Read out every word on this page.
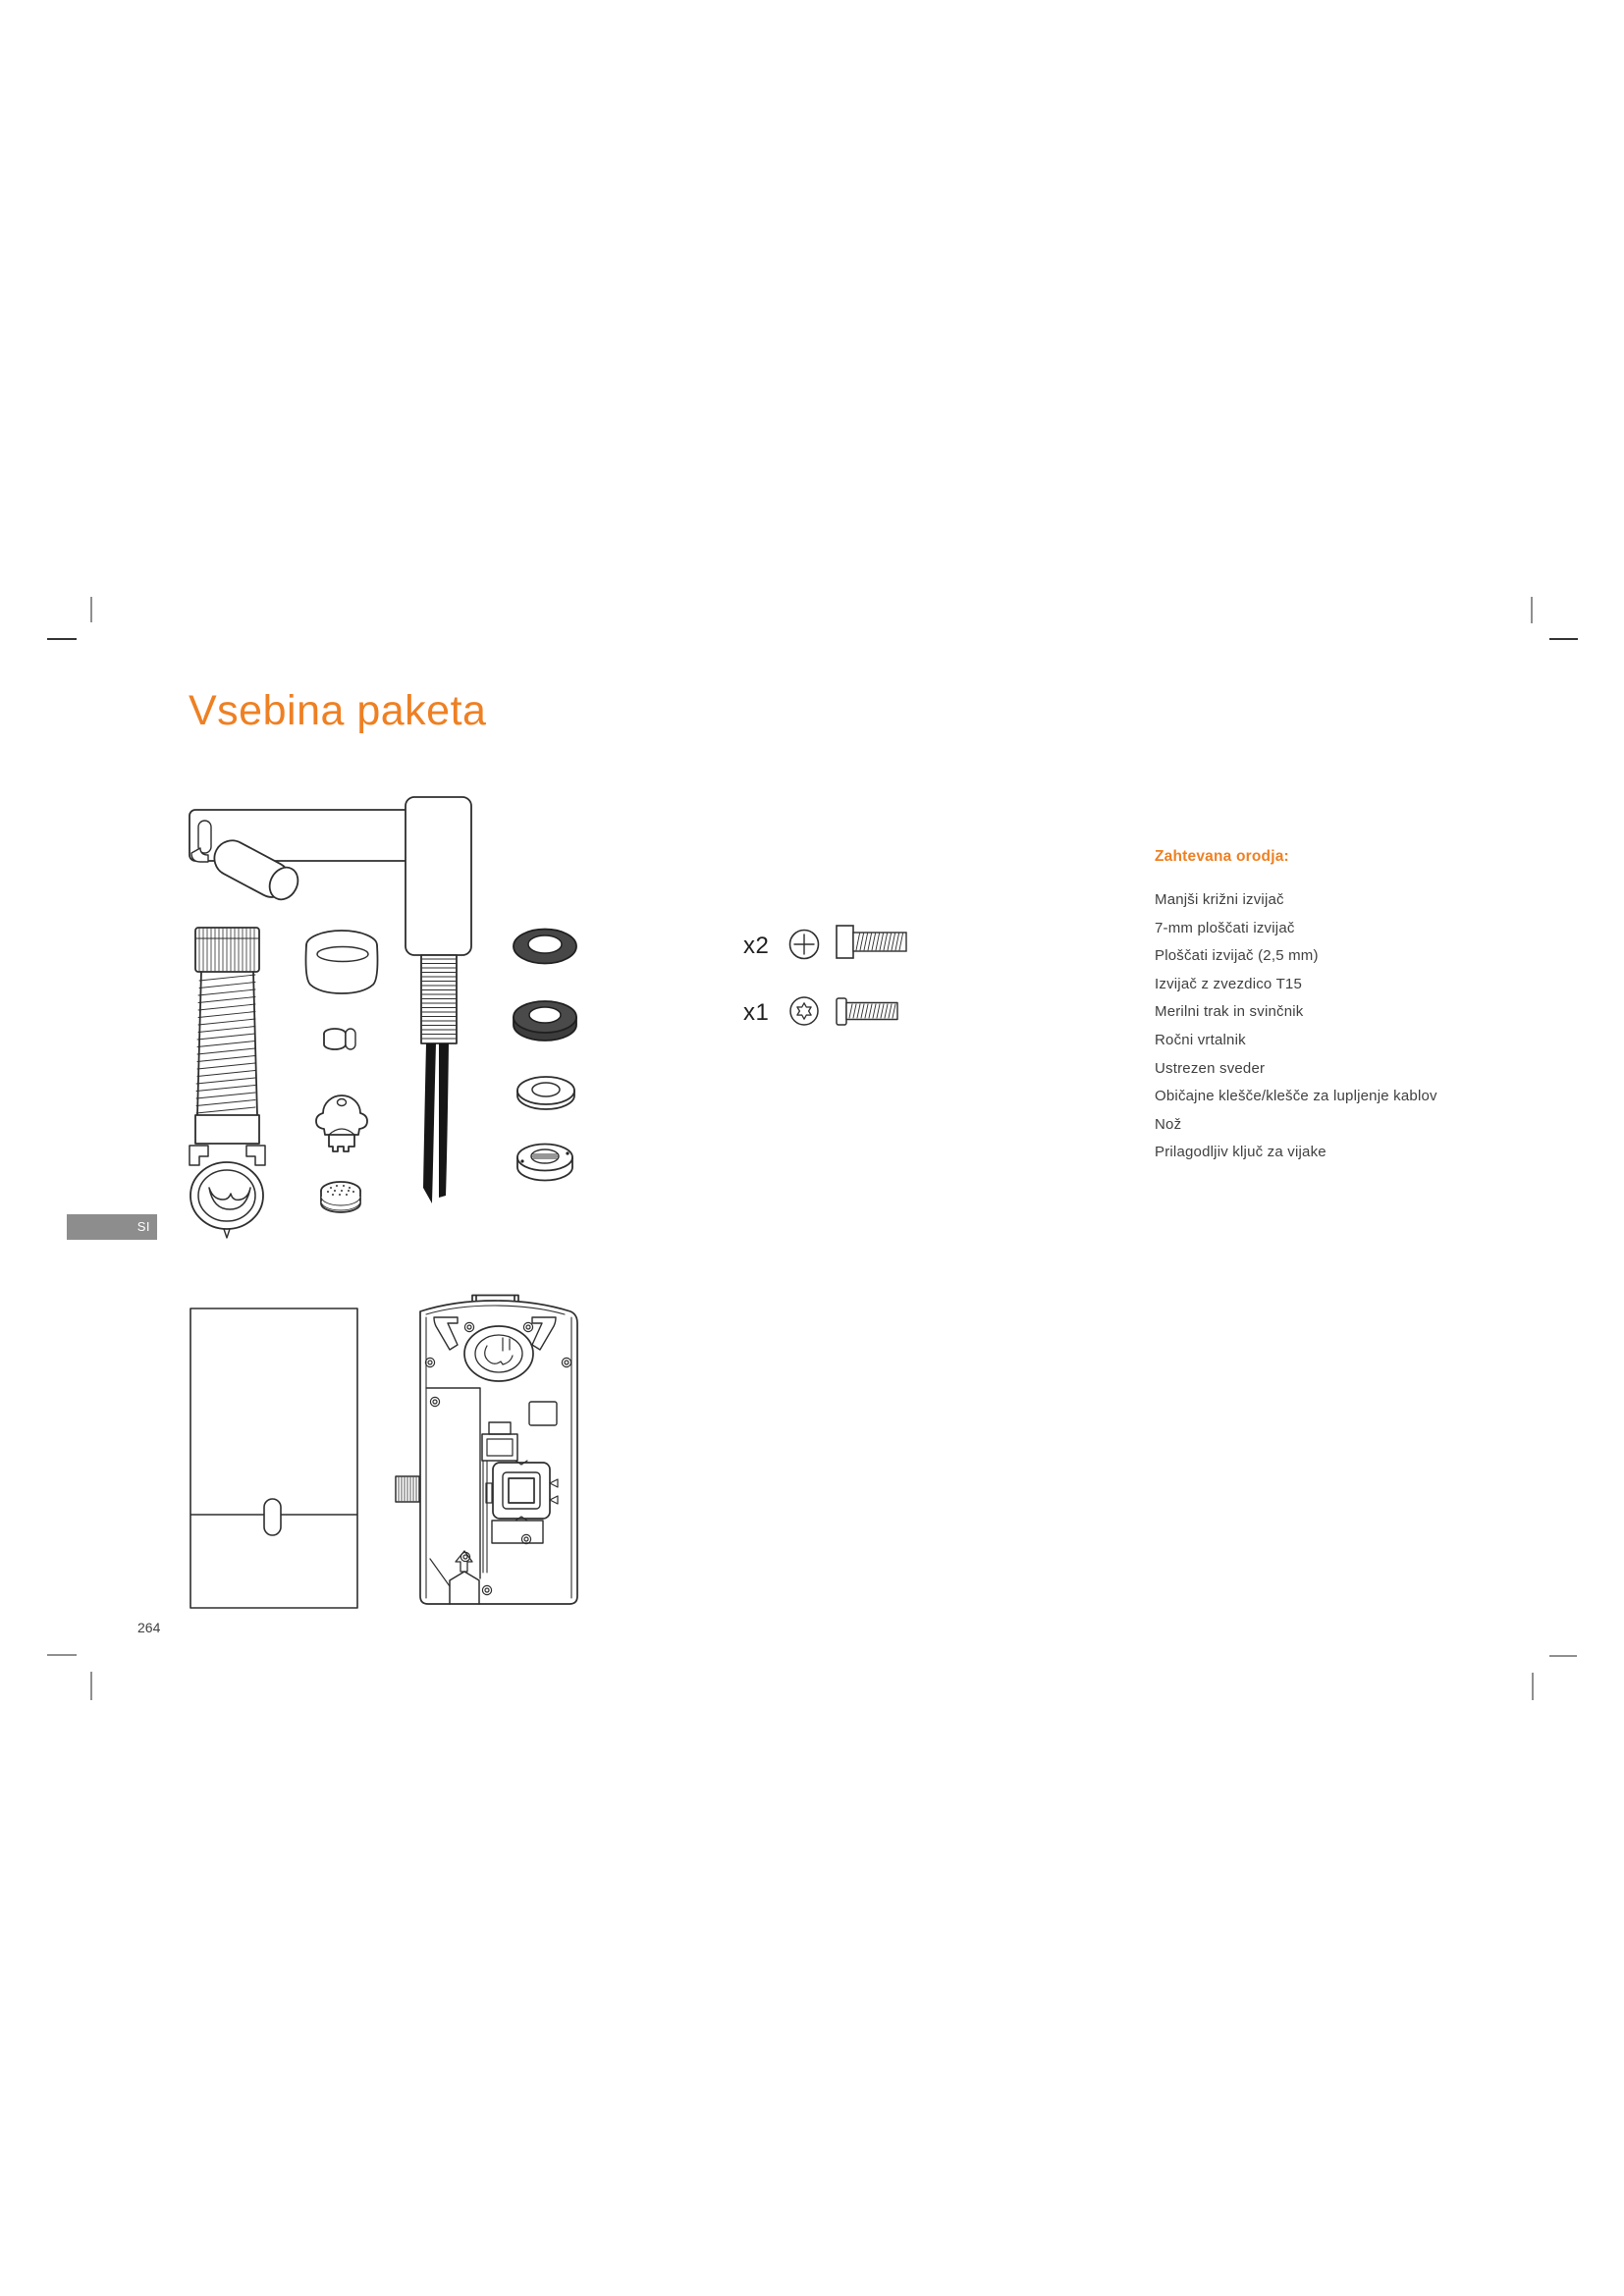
Vsebina paketa
x2
x1
Zahtevana orodja:
Manjši križni izvijač
7-mm ploščati izvijač
Ploščati izvijač (2,5 mm)
Izvijač z zvezdico T15
Merilni trak in svinčnik
Ročni vrtalnik
Ustrezen sveder
Običajne klešče/klešče za lupljenje kablov
Nož
Prilagodljiv ključ za vijake
SI
264
